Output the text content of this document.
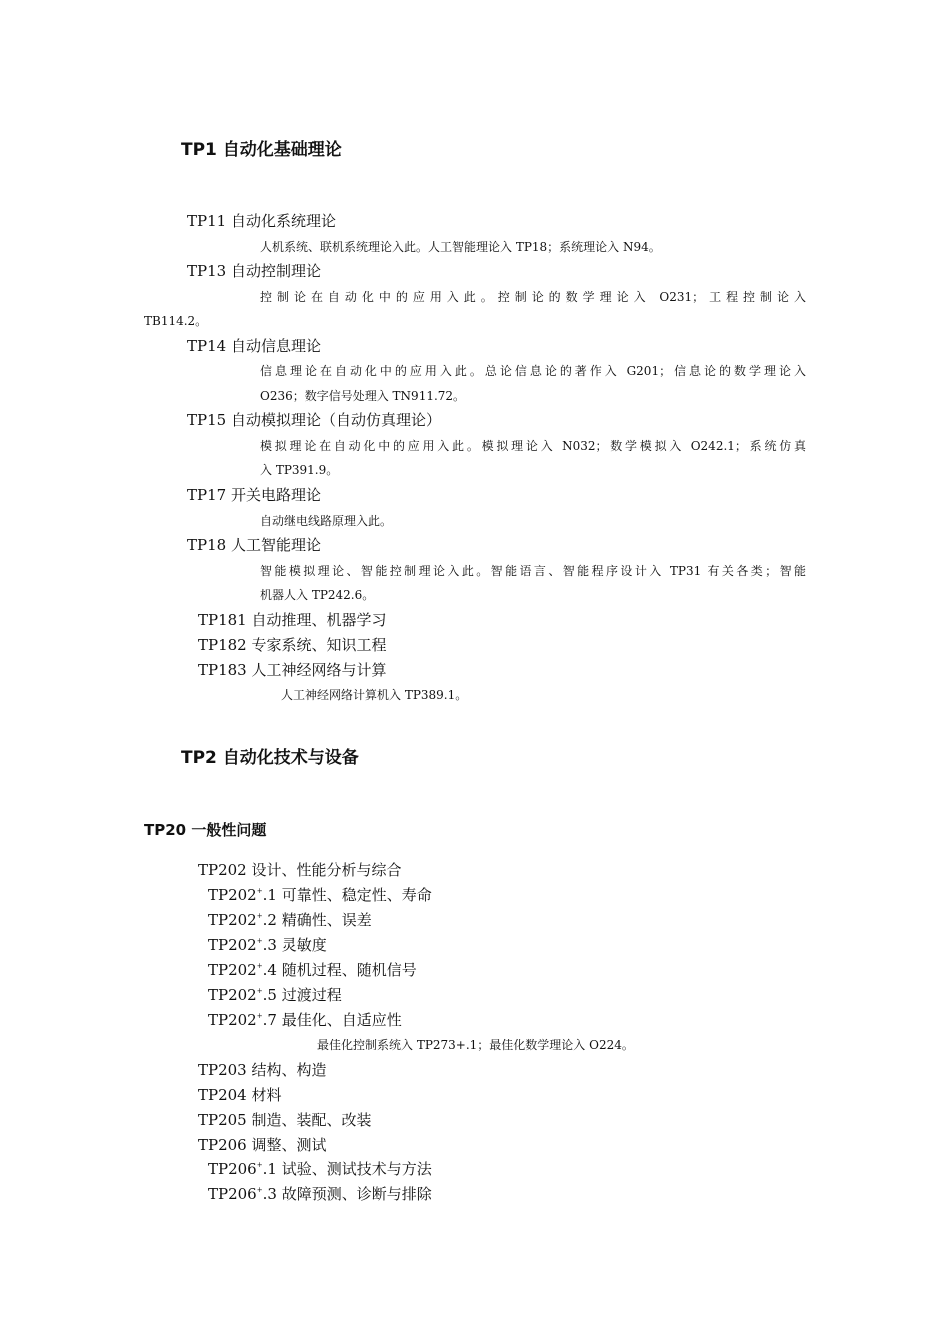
TP1 自动化基础理论
TP11 自动化系统理论
人机系统、联机系统理论入此。人工智能理论入 TP18；系统理论入 N94。
TP13 自动控制理论
控制论在自动化中的应用入此。控制论的数学理论入 O231；工程控制论入
TB114.2。
TP14 自动信息理论
信息理论在自动化中的应用入此。总论信息论的著作入 G201；信息论的数学理论入
O236；数字信号处理入 TN911.72。
TP15 自动模拟理论（自动仿真理论）
模拟理论在自动化中的应用入此。模拟理论入 N032；数学模拟入 O242.1；系统仿真
入 TP391.9。
TP17 开关电路理论
自动继电线路原理入此。
TP18 人工智能理论
智能模拟理论、智能控制理论入此。智能语言、智能程序设计入 TP31 有关各类；智能
机器人入 TP242.6。
TP181 自动推理、机器学习
TP182 专家系统、知识工程
TP183 人工神经网络与计算
人工神经网络计算机入 TP389.1。
TP2 自动化技术与设备
TP20 一般性问题
TP202 设计、性能分析与综合
TP202+.1 可靠性、稳定性、寿命
TP202+.2 精确性、误差
TP202+.3 灵敏度
TP202+.4 随机过程、随机信号
TP202+.5 过渡过程
TP202+.7 最佳化、自适应性
最佳化控制系统入 TP273+.1；最佳化数学理论入 O224。
TP203 结构、构造
TP204 材料
TP205 制造、装配、改装
TP206 调整、测试
TP206+.1 试验、测试技术与方法
TP206+.3 故障预测、诊断与排除
